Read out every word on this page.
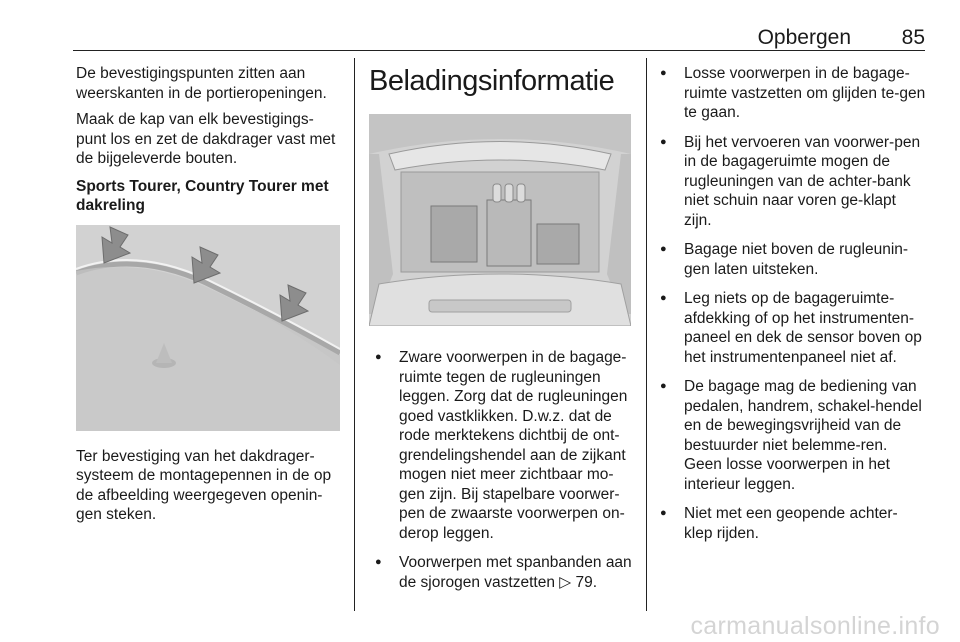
Opbergen 85

De bevestigingspunten zitten aan weerskanten in de portieropeningen.

Maak de kap van elk bevestigings-punt los en zet de dakdrager vast met de bijgeleverde bouten.

Sports Tourer, Country Tourer met dakreling

Ter bevestiging van het dakdrager-systeem de montagepennen in de op de afbeelding weergegeven openin-gen steken.

Beladingsinformatie
● Zware voorwerpen in de bagage-ruimte tegen de rugleuningen leggen. Zorg dat de rugleuningen goed vastklikken. D.w.z. dat de rode merktekens dichtbij de ont-grendelingshendel aan de zijkant mogen niet meer zichtbaar mo-gen zijn. Bij stapelbare voorwer-pen de zwaarste voorwerpen on-derop leggen.
● Voorwerpen met spanbanden aan de sjorogen vastzetten ▷ 79.
● Losse voorwerpen in de bagage-ruimte vastzetten om glijden te-gen te gaan.
● Bij het vervoeren van voorwer-pen in de bagageruimte mogen de rugleuningen van de achter-bank niet schuin naar voren ge-klapt zijn.
● Bagage niet boven de rugleunin-gen laten uitsteken.
● Leg niets op de bagageruimte-afdekking of op het instrumenten-paneel en dek de sensor boven op het instrumentenpaneel niet af.
● De bagage mag de bediening van pedalen, handrem, schakel-hendel en de bewegingsvrijheid van de bestuurder niet belemme-ren. Geen losse voorwerpen in het interieur leggen.
● Niet met een geopende achter-klep rijden.
carmanualsonline.info
